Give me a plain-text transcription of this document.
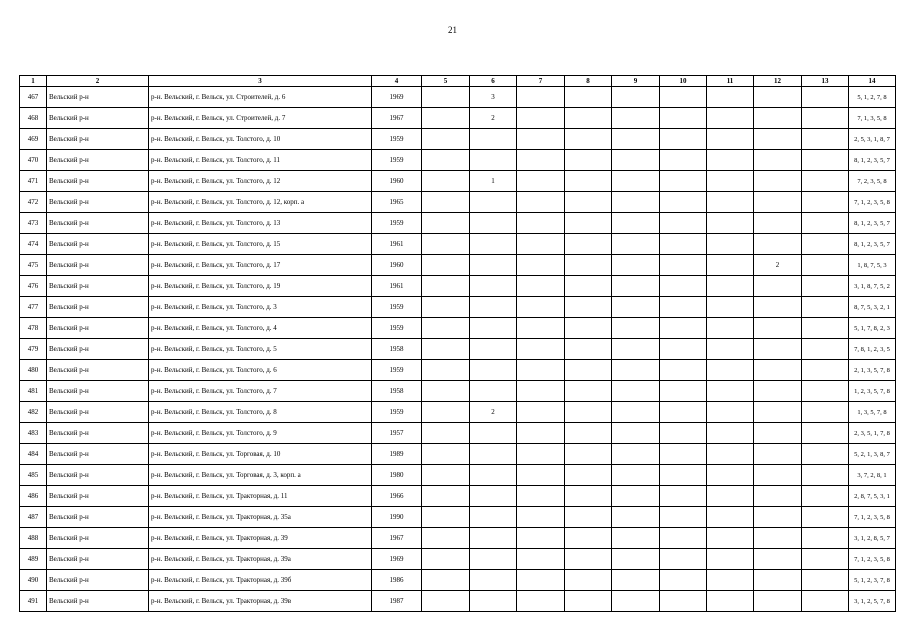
21
1	2	3	4	5	6	7	8	9	10	11	12	13	14
467	Вельский р-н	р-н. Вельский, г. Вельск, ул. Строителей, д. 6	1969		3								5, 1, 2, 7, 8
468	Вельский р-н	р-н. Вельский, г. Вельск, ул. Строителей, д. 7	1967		2								7, 1, 3, 5, 8
469	Вельский р-н	р-н. Вельский, г. Вельск, ул. Толстого, д. 10	1959										2, 5, 3, 1, 8, 7
470	Вельский р-н	р-н. Вельский, г. Вельск, ул. Толстого, д. 11	1959										8, 1, 2, 3, 5, 7
471	Вельский р-н	р-н. Вельский, г. Вельск, ул. Толстого, д. 12	1960		1								7, 2, 3, 5, 8
472	Вельский р-н	р-н. Вельский, г. Вельск, ул. Толстого, д. 12, корп. а	1965										7, 1, 2, 3, 5, 8
473	Вельский р-н	р-н. Вельский, г. Вельск, ул. Толстого, д. 13	1959										8, 1, 2, 3, 5, 7
474	Вельский р-н	р-н. Вельский, г. Вельск, ул. Толстого, д. 15	1961										8, 1, 2, 3, 5, 7
475	Вельский р-н	р-н. Вельский, г. Вельск, ул. Толстого, д. 17	1960								2		1, 8, 7, 5, 3
476	Вельский р-н	р-н. Вельский, г. Вельск, ул. Толстого, д. 19	1961										3, 1, 8, 7, 5, 2
477	Вельский р-н	р-н. Вельский, г. Вельск, ул. Толстого, д. 3	1959										8, 7, 5, 3, 2, 1
478	Вельский р-н	р-н. Вельский, г. Вельск, ул. Толстого, д. 4	1959										5, 1, 7, 8, 2, 3
479	Вельский р-н	р-н. Вельский, г. Вельск, ул. Толстого, д. 5	1958										7, 8, 1, 2, 3, 5
480	Вельский р-н	р-н. Вельский, г. Вельск, ул. Толстого, д. 6	1959										2, 1, 3, 5, 7, 8
481	Вельский р-н	р-н. Вельский, г. Вельск, ул. Толстого, д. 7	1958										1, 2, 3, 5, 7, 8
482	Вельский р-н	р-н. Вельский, г. Вельск, ул. Толстого, д. 8	1959		2								1, 3, 5, 7, 8
483	Вельский р-н	р-н. Вельский, г. Вельск, ул. Толстого, д. 9	1957										2, 3, 5, 1, 7, 8
484	Вельский р-н	р-н. Вельский, г. Вельск, ул. Торговая, д. 10	1989										5, 2, 1, 3, 8, 7
485	Вельский р-н	р-н. Вельский, г. Вельск, ул. Торговая, д. 3, корп. а	1980										3, 7, 2, 8, 1
486	Вельский р-н	р-н. Вельский, г. Вельск, ул. Тракторная, д. 11	1966										2, 8, 7, 5, 3, 1
487	Вельский р-н	р-н. Вельский, г. Вельск, ул. Тракторная, д. 35а	1990										7, 1, 2, 3, 5, 8
488	Вельский р-н	р-н. Вельский, г. Вельск, ул. Тракторная, д. 39	1967										3, 1, 2, 8, 5, 7
489	Вельский р-н	р-н. Вельский, г. Вельск, ул. Тракторная, д. 39а	1969										7, 1, 2, 3, 5, 8
490	Вельский р-н	р-н. Вельский, г. Вельск, ул. Тракторная, д. 39б	1986										5, 1, 2, 3, 7, 8
491	Вельский р-н	р-н. Вельский, г. Вельск, ул. Тракторная, д. 39в	1987										3, 1, 2, 5, 7, 8
